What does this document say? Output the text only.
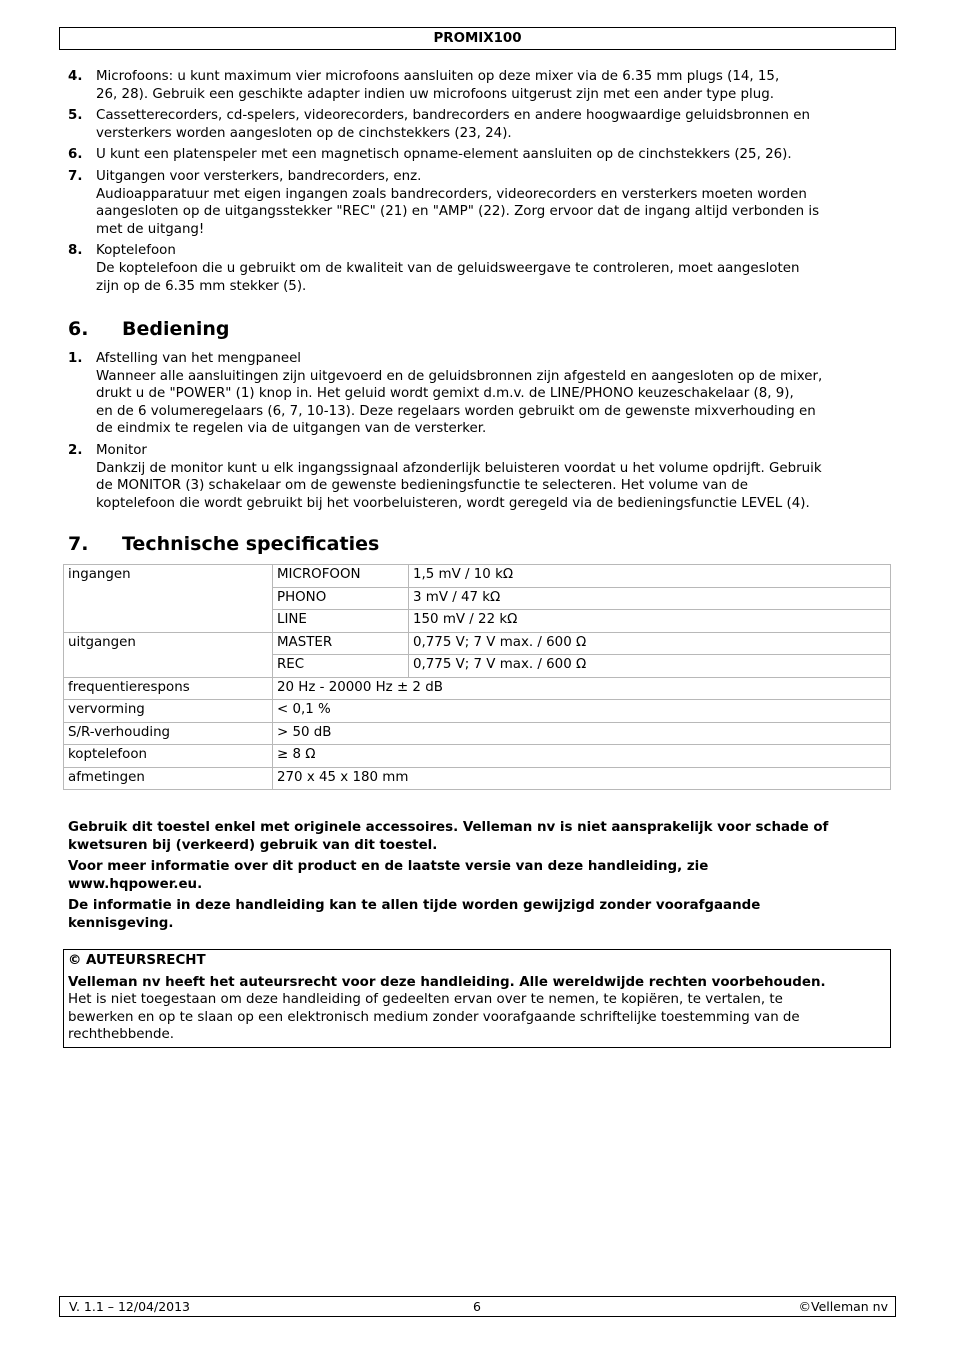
PROMIX100
4.	Microfoons: u kunt maximum vier microfoons aansluiten op deze mixer via de 6.35 mm plugs (14, 15,
26, 28). Gebruik een geschikte adapter indien uw microfoons uitgerust zijn met een ander type plug.
5.	Cassetterecorders, cd-spelers, videorecorders, bandrecorders en andere hoogwaardige geluidsbronnen en
versterkers worden aangesloten op de cinchstekkers (23, 24).
6.	U kunt een platenspeler met een magnetisch opname-element aansluiten op de cinchstekkers (25, 26).
7.	Uitgangen voor versterkers, bandrecorders, enz.
Audioapparatuur met eigen ingangen zoals bandrecorders, videorecorders en versterkers moeten worden
aangesloten op de uitgangsstekker "REC" (21) en "AMP" (22). Zorg ervoor dat de ingang altijd verbonden is
met de uitgang!
8.	Koptelefoon
De koptelefoon die u gebruikt om de kwaliteit van de geluidsweergave te controleren, moet aangesloten
zijn op de 6.35 mm stekker (5).
6. Bediening
1.	Afstelling van het mengpaneel
Wanneer alle aansluitingen zijn uitgevoerd en de geluidsbronnen zijn afgesteld en aangesloten op de mixer,
drukt u de "POWER" (1) knop in. Het geluid wordt gemixt d.m.v. de LINE/PHONO keuzeschakelaar (8, 9),
en de 6 volumeregelaars (6, 7, 10-13). Deze regelaars worden gebruikt om de gewenste mixverhouding en
de eindmix te regelen via de uitgangen van de versterker.
2.	Monitor
Dankzij de monitor kunt u elk ingangssignaal afzonderlijk beluisteren voordat u het volume opdrijft. Gebruik
de MONITOR (3) schakelaar om de gewenste bedieningsfunctie te selecteren. Het volume van de
koptelefoon die wordt gebruikt bij het voorbeluisteren, wordt geregeld via de bedieningsfunctie LEVEL (4).
7. Technische specificaties
ingangen	MICROFOON	1,5 mV / 10 kΩ
	PHONO	3 mV / 47 kΩ
	LINE	150 mV / 22 kΩ
uitgangen	MASTER	0,775 V; 7 V max. / 600 Ω
	REC	0,775 V; 7 V max. / 600 Ω
frequentierespons	20 Hz - 20000 Hz ± 2 dB	
vervorming	< 0,1 %	
S/R-verhouding	> 50 dB	
koptelefoon	≥ 8 Ω	
afmetingen	270 x 45 x 180 mm	

Gebruik dit toestel enkel met originele accessoires. Velleman nv is niet aansprakelijk voor schade of
kwetsuren bij (verkeerd) gebruik van dit toestel.

Voor meer informatie over dit product en de laatste versie van deze handleiding, zie
www.hqpower.eu.

De informatie in deze handleiding kan te allen tijde worden gewijzigd zonder voorafgaande
kennisgeving.

© AUTEURSRECHT

Velleman nv heeft het auteursrecht voor deze handleiding. Alle wereldwijde rechten voorbehouden.

Het is niet toegestaan om deze handleiding of gedeelten ervan over te nemen, te kopiëren, te vertalen, te
bewerken en op te slaan op een elektronisch medium zonder voorafgaande schriftelijke toestemming van de
rechthebbende.

V. 1.1 – 12/04/2013	6	©Velleman nv
